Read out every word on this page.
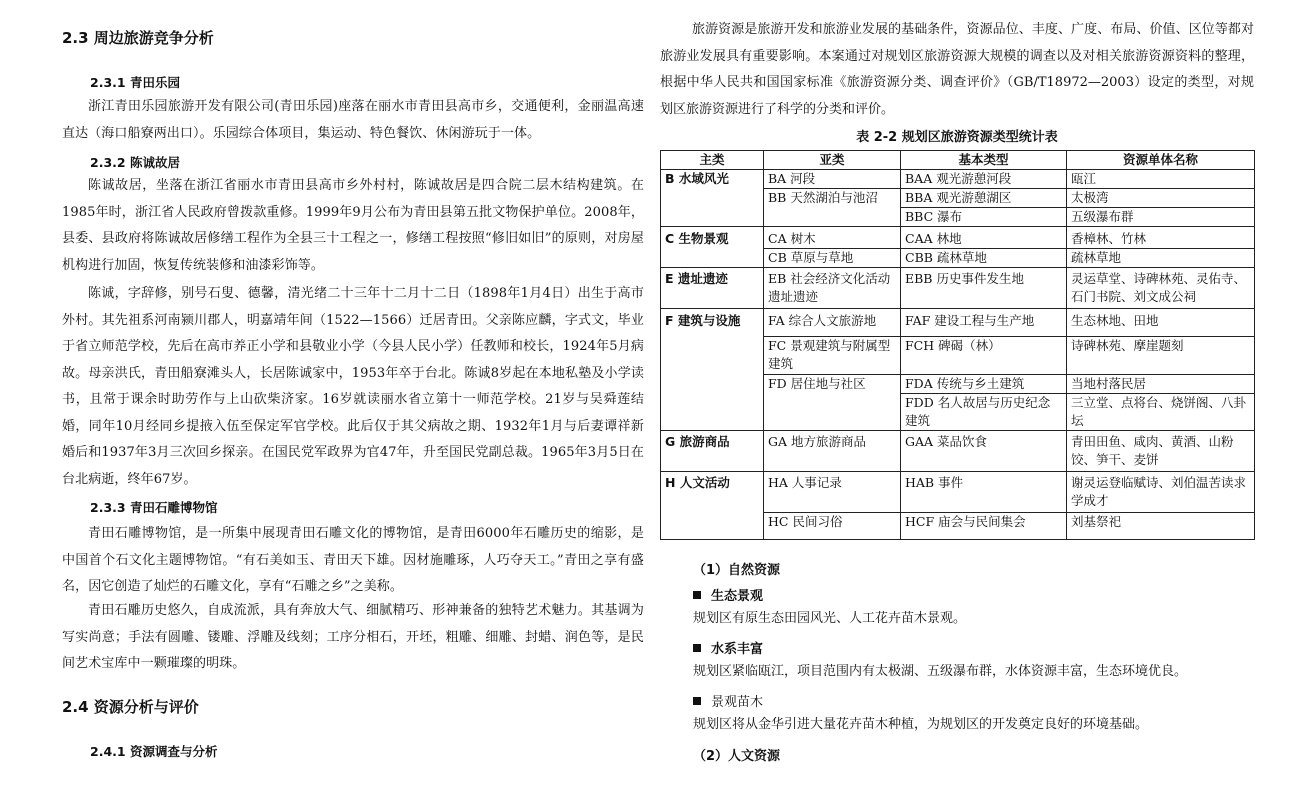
2.3 周边旅游竞争分析
2.3.1 青田乐园

浙江青田乐园旅游开发有限公司(青田乐园)座落在丽水市青田县高市乡，交通便利，金丽温高速直达（海口船寮两出口）。乐园综合体项目，集运动、特色餐饮、休闲游玩于一体。

2.3.2 陈诚故居

陈诚故居，坐落在浙江省丽水市青田县高市乡外村村，陈诚故居是四合院二层木结构建筑。在1985年时，浙江省人民政府曾拨款重修。1999年9月公布为青田县第五批文物保护单位。2008年，县委、县政府将陈诚故居修缮工程作为全县三十工程之一，修缮工程按照“修旧如旧”的原则，对房屋机构进行加固，恢复传统装修和油漆彩饰等。

陈诚，字辞修，别号石叟、德馨，清光绪二十三年十二月十二日（1898年1月4日）出生于高市外村。其先祖系河南颍川郡人，明嘉靖年间（1522—1566）迁居青田。父亲陈应麟，字式文，毕业于省立师范学校，先后在高市养正小学和县敬业小学（今县人民小学）任教师和校长，1924年5月病故。母亲洪氏，青田船寮滩头人，长居陈诚家中，1953年卒于台北。陈诚8岁起在本地私塾及小学读书，且常于课余时助劳作与上山砍柴济家。16岁就读丽水省立第十一师范学校。21岁与吴舜莲结婚，同年10月经同乡提掖入伍至保定军官学校。此后仅于其父病故之期、1932年1月与后妻谭祥新婚后和1937年3月三次回乡探亲。在国民党军政界为官47年，升至国民党副总裁。1965年3月5日在台北病逝，终年67岁。

2.3.3 青田石雕博物馆

青田石雕博物馆，是一所集中展现青田石雕文化的博物馆，是青田6000年石雕历史的缩影，是中国首个石文化主题博物馆。“有石美如玉、青田天下雄。因材施雕琢，人巧夺天工。”青田之享有盛名，因它创造了灿烂的石雕文化，享有“石雕之乡”之美称。

青田石雕历史悠久，自成流派，具有奔放大气、细腻精巧、形神兼备的独特艺术魅力。其基调为写实尚意；手法有圆雕、镂雕、浮雕及线刻；工序分相石，开坯，粗雕、细雕、封蜡、润色等，是民间艺术宝库中一颗璀璨的明珠。

2.4 资源分析与评价
2.4.1 资源调查与分析

旅游资源是旅游开发和旅游业发展的基础条件，资源品位、丰度、广度、布局、价值、区位等都对旅游业发展具有重要影响。本案通过对规划区旅游资源大规模的调查以及对相关旅游资源资料的整理，根据中华人民共和国国家标准《旅游资源分类、调查评价》（GB/T18972—2003）设定的类型，对规划区旅游资源进行了科学的分类和评价。

表 2-2 规划区旅游资源类型统计表
主类	亚类	基本类型	资源单体名称
B 水域风光	BA 河段	BAA 观光游憩河段	瓯江
	BB 天然湖泊与池沼	BBA 观光游憩湖区	太极湾
		BBC 瀑布	五级瀑布群
C 生物景观	CA 树木	CAA 林地	香樟林、竹林
	CB 草原与草地	CBB 疏林草地	疏林草地
E 遗址遗迹	EB 社会经济文化活动遗址遗迹	EBB 历史事件发生地	灵运草堂、诗碑林苑、灵佑寺、石门书院、刘文成公祠
F 建筑与设施	FA 综合人文旅游地	FAF 建设工程与生产地	生态林地、田地
	FC 景观建筑与附属型建筑	FCH 碑碣（林）	诗碑林苑、摩崖题刻
	FD 居住地与社区	FDA 传统与乡土建筑	当地村落民居
		FDD 名人故居与历史纪念建筑	三立堂、点将台、烧饼阁、八卦坛
G 旅游商品	GA 地方旅游商品	GAA 菜品饮食	青田田鱼、咸肉、黄酒、山粉饺、笋干、麦饼
H 人文活动	HA 人事记录	HAB 事件	谢灵运登临赋诗、刘伯温苦读求学成才
	HC 民间习俗	HCF 庙会与民间集会	刘基祭祀
（1）自然资源
生态景观
规划区有原生态田园风光、人工花卉苗木景观。
水系丰富
规划区紧临瓯江，项目范围内有太极湖、五级瀑布群，水体资源丰富，生态环境优良。
景观苗木
规划区将从金华引进大量花卉苗木种植，为规划区的开发奠定良好的环境基础。
（2）人文资源
